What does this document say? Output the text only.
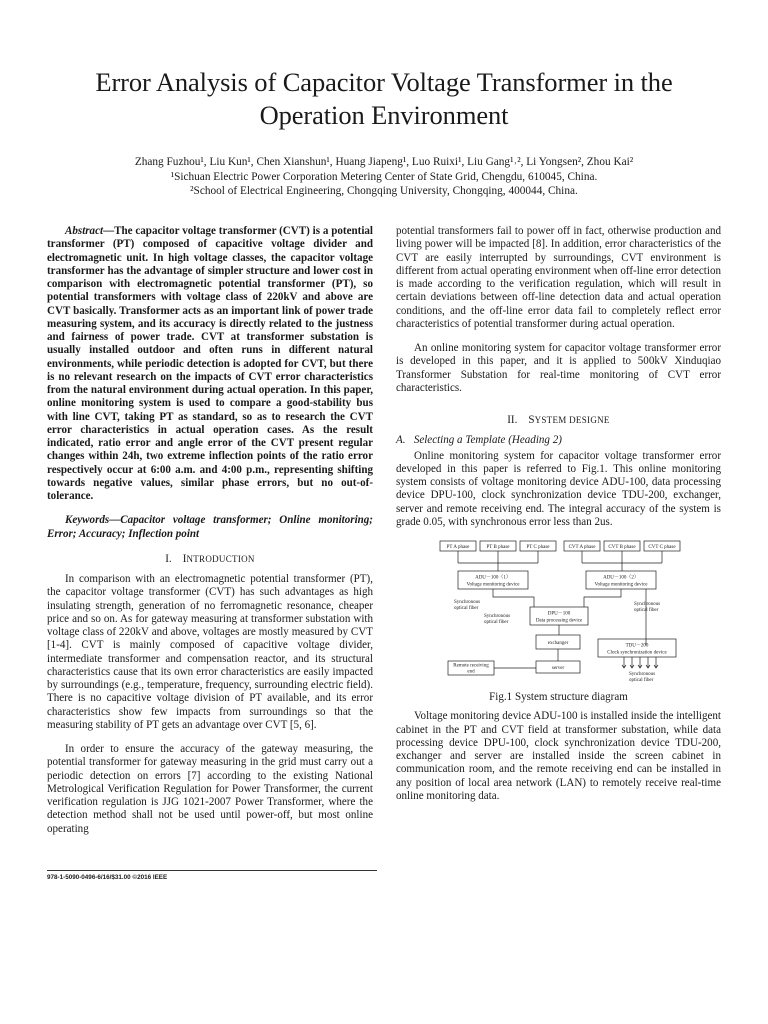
Error Analysis of Capacitor Voltage Transformer in the Operation Environment
Zhang Fuzhou¹, Liu Kun¹, Chen Xianshun¹, Huang Jiapeng¹, Luo Ruixi¹, Liu Gang¹˒², Li Yongsen², Zhou Kai²
¹Sichuan Electric Power Corporation Metering Center of State Grid, Chengdu, 610045, China.
²School of Electrical Engineering, Chongqing University, Chongqing, 400044, China.

Abstract—The capacitor voltage transformer (CVT) is a potential transformer (PT) composed of capacitive voltage divider and electromagnetic unit. In high voltage classes, the capacitor voltage transformer has the advantage of simpler structure and lower cost in comparison with electromagnetic potential transformer (PT), so potential transformers with voltage class of 220kV and above are CVT basically. Transformer acts as an important link of power trade measuring system, and its accuracy is directly related to the justness and fairness of power trade. CVT at transformer substation is usually installed outdoor and often runs in different natural environments, while periodic detection is adopted for CVT, but there is no relevant research on the impacts of CVT error characteristics from the natural environment during actual operation. In this paper, online monitoring system is used to compare a good-stability bus with line CVT, taking PT as standard, so as to research the CVT error characteristics in actual operation cases. As the result indicated, ratio error and angle error of the CVT present regular changes within 24h, two extreme inflection points of the ratio error respectively occur at 6:00 a.m. and 4:00 p.m., representing shifting towards negative values, similar phase errors, but no out-of-tolerance.

Keywords—Capacitor voltage transformer; Online monitoring; Error; Accuracy; Inflection point

I. INTRODUCTION

In comparison with an electromagnetic potential transformer (PT), the capacitor voltage transformer (CVT) has such advantages as high insulating strength, generation of no ferromagnetic resonance, cheaper price and so on. As for gateway measuring at transformer substation with voltage class of 220kV and above, voltages are mostly measured by CVT [1-4]. CVT is mainly composed of capacitive voltage divider, intermediate transformer and compensation reactor, and its structural characteristics cause that its own error characteristics are easily impacted by surroundings (e.g., temperature, frequency, surrounding electric field). There is no capacitive voltage division of PT available, and its error characteristics show few impacts from surroundings so that the measuring stability of PT gets an advantage over CVT [5, 6].

In order to ensure the accuracy of the gateway measuring, the potential transformer for gateway measuring in the grid must carry out a periodic detection on errors [7] according to the existing National Metrological Verification Regulation for Power Transformer, the current verification regulation is JJG 1021-2007 Power Transformer, where the detection method shall not be used until power-off, but most online operating

potential transformers fail to power off in fact, otherwise production and living power will be impacted [8]. In addition, error characteristics of the CVT are easily interrupted by surroundings, CVT environment is different from actual operating environment when off-line error detection is made according to the verification regulation, which will result in certain deviations between off-line detection data and actual operation conditions, and the off-line error data fail to completely reflect error characteristics of potential transformer during actual operation.

An online monitoring system for capacitor voltage transformer error is developed in this paper, and it is applied to 500kV Xinduqiao Transformer Substation for real-time monitoring of CVT error characteristics.

II. SYSTEM DESIGNE

A. Selecting a Template (Heading 2)

Online monitoring system for capacitor voltage transformer error developed in this paper is referred to Fig.1. This online monitoring system consists of voltage monitoring device ADU-100, data processing device DPU-100, clock synchronization device TDU-200, exchanger, server and remote receiving end. The integral accuracy of the system is grade 0.05, with synchronous error less than 2us.

PT A phase	PT B phase	PT C phase	CVT A phase	CVT B phase	CVT C phase
ADU－100（1）
Voltage monitoring device
ADU－100（2）
Voltage monitoring device
DPU－100
Data processing device
Synchronous
optical fiber
Synchronous
optical fiber
Synchronous
optical fiber
Synchronous
optical fiber
exchanger
server
Remote receiving
end
TDU－200
Clock synchronization device

Fig.1 System structure diagram

Voltage monitoring device ADU-100 is installed inside the intelligent cabinet in the PT and CVT field at transformer substation, while data processing device DPU-100, clock synchronization device TDU-200, exchanger and server are installed inside the screen cabinet in communication room, and the remote receiving end can be installed in any position of local area network (LAN) to remotely receive real-time online monitoring data.

978-1-5090-0496-6/16/$31.00 ©2016 IEEE
